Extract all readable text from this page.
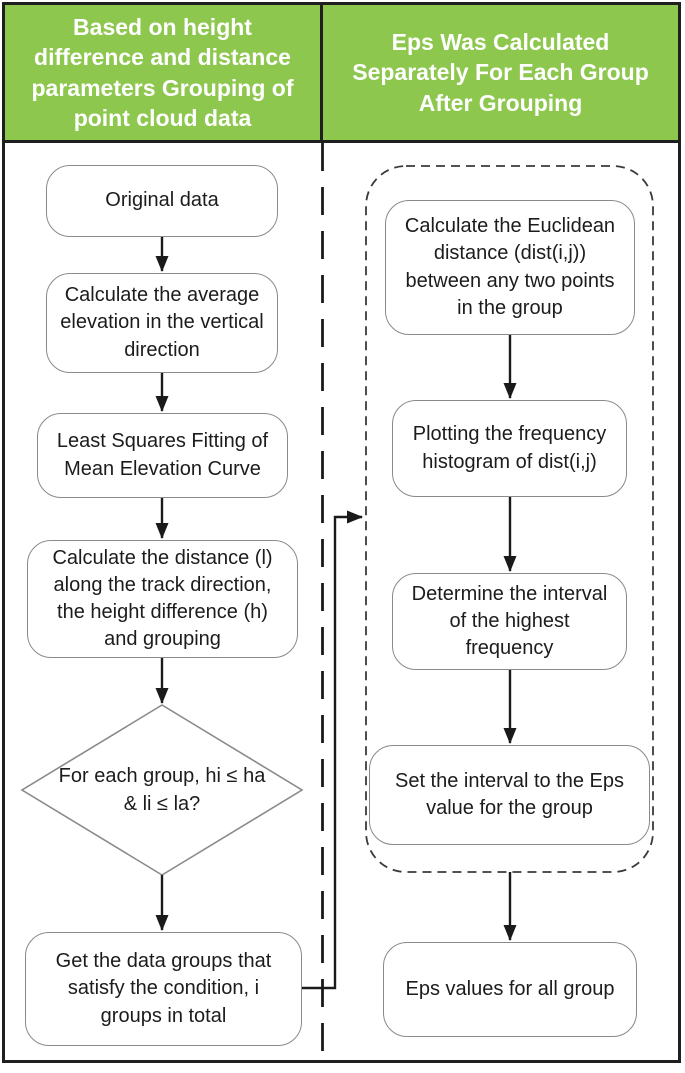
Based on height difference and distance parameters Grouping of point cloud data
Eps Was Calculated Separately For Each Group After Grouping
Original data
Calculate the average elevation in the vertical direction
Least Squares Fitting of Mean Elevation Curve
Calculate the distance (l) along the track direction, the height difference (h) and grouping
For each group, hi ≤ ha & li ≤ la?
Get the data groups that satisfy the condition, i groups in total
Calculate the Euclidean distance (dist(i,j)) between any two points in the group
Plotting the frequency histogram of dist(i,j)
Determine the interval of the highest frequency
Set the interval to the Eps value for the group
Eps values for all group
